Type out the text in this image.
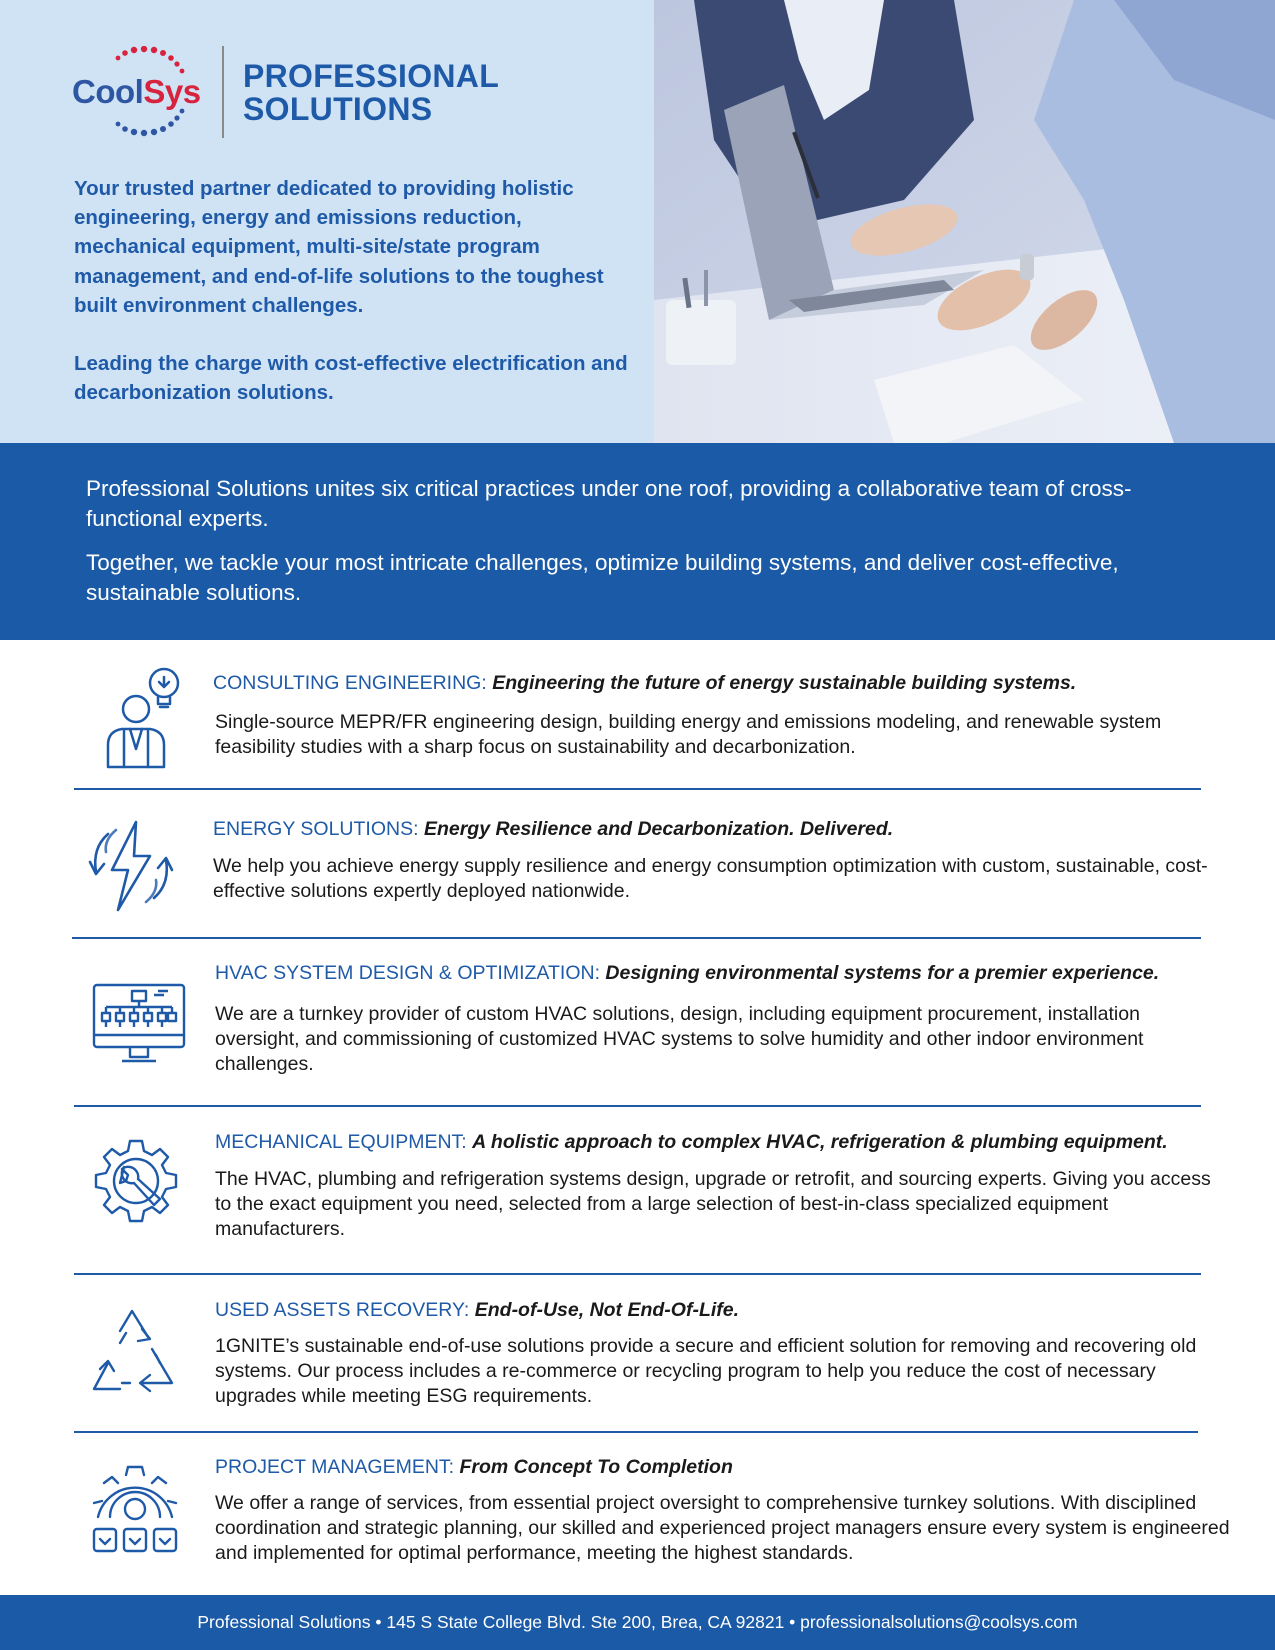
CoolSys PROFESSIONAL
SOLUTIONS

Your trusted partner dedicated to providing holistic engineering, energy and emissions reduction, mechanical equipment, multi-site/state program management, and end-of-life solutions to the toughest built environment challenges.

Leading the charge with cost-effective electrification and decarbonization solutions.

Professional Solutions unites six critical practices under one roof, providing a collaborative team of cross-functional experts.

Together, we tackle your most intricate challenges, optimize building systems, and deliver cost-effective, sustainable solutions.

CONSULTING ENGINEERING: Engineering the future of energy sustainable building systems.
Single-source MEPR/FR engineering design, building energy and emissions modeling, and renewable system feasibility studies with a sharp focus on sustainability and decarbonization.
ENERGY SOLUTIONS: Energy Resilience and Decarbonization. Delivered.
We help you achieve energy supply resilience and energy consumption optimization with custom, sustainable, cost-effective solutions expertly deployed nationwide.
HVAC SYSTEM DESIGN & OPTIMIZATION: Designing environmental systems for a premier experience.
We are a turnkey provider of custom HVAC solutions, design, including equipment procurement, installation oversight, and commissioning of customized HVAC systems to solve humidity and other indoor environment challenges.
MECHANICAL EQUIPMENT: A holistic approach to complex HVAC, refrigeration & plumbing equipment.
The HVAC, plumbing and refrigeration systems design, upgrade or retrofit, and sourcing experts. Giving you access to the exact equipment you need, selected from a large selection of best-in-class specialized equipment manufacturers.
USED ASSETS RECOVERY: End-of-Use, Not End-Of-Life.
1GNITE’s sustainable end-of-use solutions provide a secure and efficient solution for removing and recovering old systems. Our process includes a re-commerce or recycling program to help you reduce the cost of necessary upgrades while meeting ESG requirements.
PROJECT MANAGEMENT: From Concept To Completion
We offer a range of services, from essential project oversight to comprehensive turnkey solutions. With disciplined coordination and strategic planning, our skilled and experienced project managers ensure every system is engineered and implemented for optimal performance, meeting the highest standards.
Professional Solutions • 145 S State College Blvd. Ste 200, Brea, CA 92821 • professionalsolutions@coolsys.com
